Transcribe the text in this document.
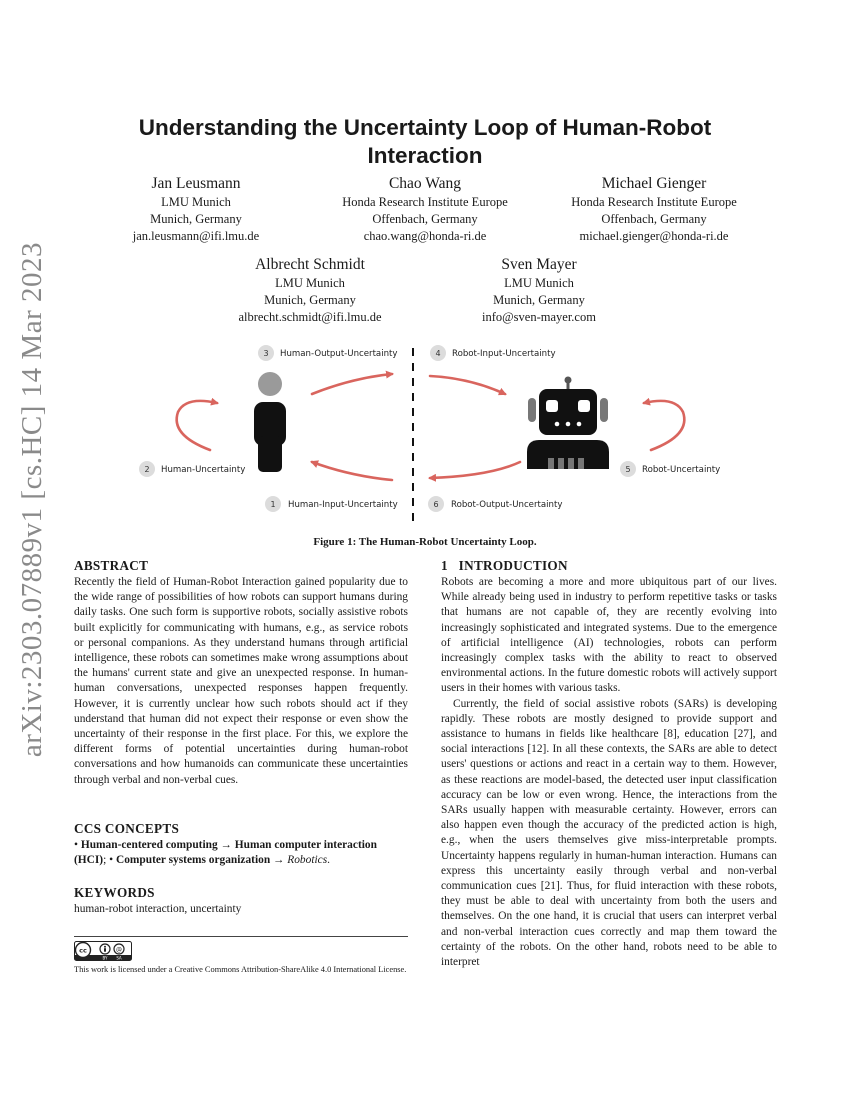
arXiv:2303.07889v1 [cs.HC] 14 Mar 2023
Understanding the Uncertainty Loop of Human-Robot Interaction
Jan Leusmann
LMU Munich
Munich, Germany
jan.leusmann@ifi.lmu.de
Chao Wang
Honda Research Institute Europe
Offenbach, Germany
chao.wang@honda-ri.de
Michael Gienger
Honda Research Institute Europe
Offenbach, Germany
michael.gienger@honda-ri.de
Albrecht Schmidt
LMU Munich
Munich, Germany
albrecht.schmidt@ifi.lmu.de
Sven Mayer
LMU Munich
Munich, Germany
info@sven-mayer.com
3 Human-Output-Uncertainty	4 Robot-Input-Uncertainty
2 Human-Uncertainty	5 Robot-Uncertainty
1 Human-Input-Uncertainty	6 Robot-Output-Uncertainty
Figure 1: The Human-Robot Uncertainty Loop.
ABSTRACT

Recently the field of Human-Robot Interaction gained popularity due to the wide range of possibilities of how robots can support humans during daily tasks. One such form is supportive robots, socially assistive robots built explicitly for communicating with humans, e.g., as service robots or personal companions. As they understand humans through artificial intelligence, these robots can sometimes make wrong assumptions about the humans' current state and give an unexpected response. In human-human conversations, unexpected responses happen frequently. However, it is currently unclear how such robots should act if they understand that human did not expect their response or even show the uncertainty of their response in the first place. For this, we explore the different forms of potential uncertainties during human-robot conversations and how humanoids can communicate these uncertainties through verbal and non-verbal cues.

CCS CONCEPTS

• Human-centered computing → Human computer interaction (HCI); • Computer systems organization → Robotics.

KEYWORDS

human-robot interaction, uncertainty

cc	@
BY SA
This work is licensed under a Creative Commons Attribution-ShareAlike 4.0 International License.
1   INTRODUCTION

Robots are becoming a more and more ubiquitous part of our lives. While already being used in industry to perform repetitive tasks or tasks that humans are not capable of, they are recently evolving into increasingly sophisticated and integrated systems. Due to the emergence of artificial intelligence (AI) technologies, robots can perform increasingly complex tasks with the ability to react to observed environmental actions. In the future domestic robots will actively support users in their homes with various tasks.

Currently, the field of social assistive robots (SARs) is developing rapidly. These robots are mostly designed to provide support and assistance to humans in fields like healthcare [8], education [27], and social interactions [12]. In all these contexts, the SARs are able to detect users' questions or actions and react in a certain way to them. However, as these reactions are model-based, the detected user input classification accuracy can be low or even wrong. Hence, the interactions from the SARs usually happen with measurable certainty. However, errors can also happen even though the accuracy of the predicted action is high, e.g., when the users themselves give miss-interpretable prompts. Uncertainty happens regularly in human-human interaction. Humans can express this uncertainty easily through verbal and non-verbal communication cues [21]. Thus, for fluid interaction with these robots, they must be able to deal with uncertainty from both the users and themselves. On the one hand, it is crucial that users can interpret verbal and non-verbal interaction cues correctly and map them toward the certainty of the robots. On the other hand, robots need to be able to interpret
